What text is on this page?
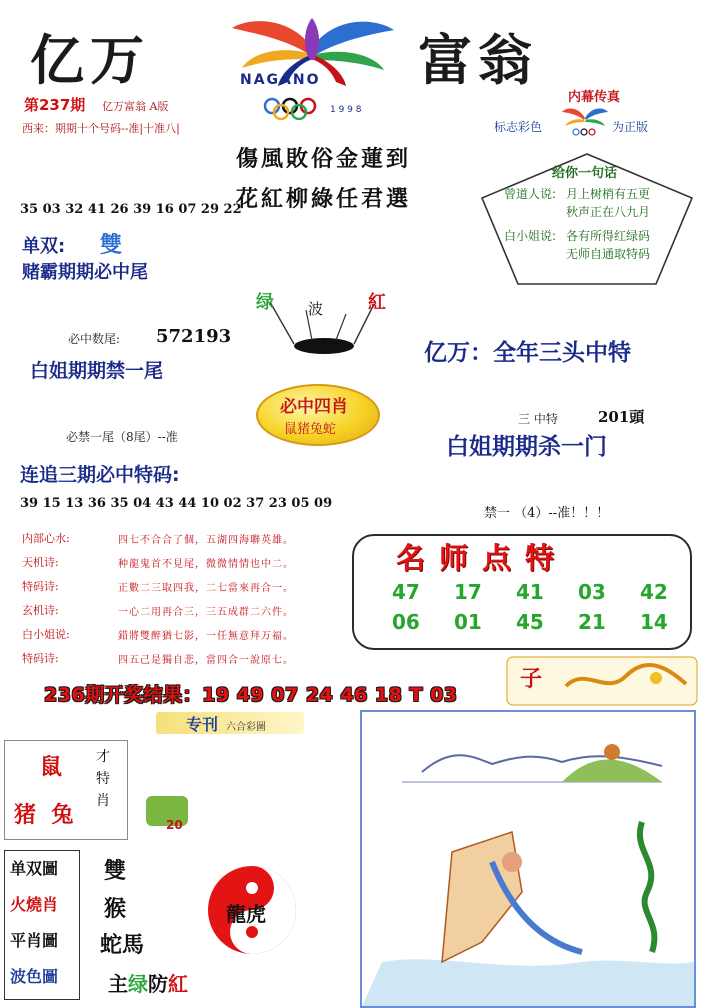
亿万	富翁
1 9 9 8
NAGANO
第237期 亿万富翁 A版
西来：期期十个号码--准|十准八|
傷風敗俗金蓮到
花紅柳綠任君選
内幕传真
标志彩色	为正版
给你一句话
曾道人说: 月上树梢有五更
秋声正在八九月
白小姐说: 各有所得红绿码
无师自通取特码
35 03 32 41 26 39 16 07 29 22
单双: 雙
赌霸期期必中尾
绿 波 紅
必中数尾: 572193
白姐期期禁一尾
亿万：全年三头中特
必中四肖
鼠猪兔蛇
三 中特	201頭
必禁一尾（8尾）--准	白姐期期杀一门
连追三期必中特码:
39 15 13 36 35 04 43 44 10 02 37 23 05 09
禁一 （4）--准！！！
名师点特
47 17 41 03 42
06 01 45 21 14
内部心水:	四七不合合了個，五湖四海聯英雄。
天机诗:	种龍鬼首不見尾，微微情情也中二。
特码诗:	正數二三取四我，二七當來再合一。
玄机诗:	一心二用再合三，三五成群二六件。
白小姐说:	錯將雙醉猶七影，一任無意拜万福。
特码诗:	四五己是獨自悲，當四合一說原七。
236期开奖结果：19 49 07 24 46 18 T 03
子
专刊 六合彩圖
鼠
猪  兔
才特肖
20
单双圖
火燒肖
平肖圖
波色圖
雙
猴
蛇馬
主绿防紅
龍虎
